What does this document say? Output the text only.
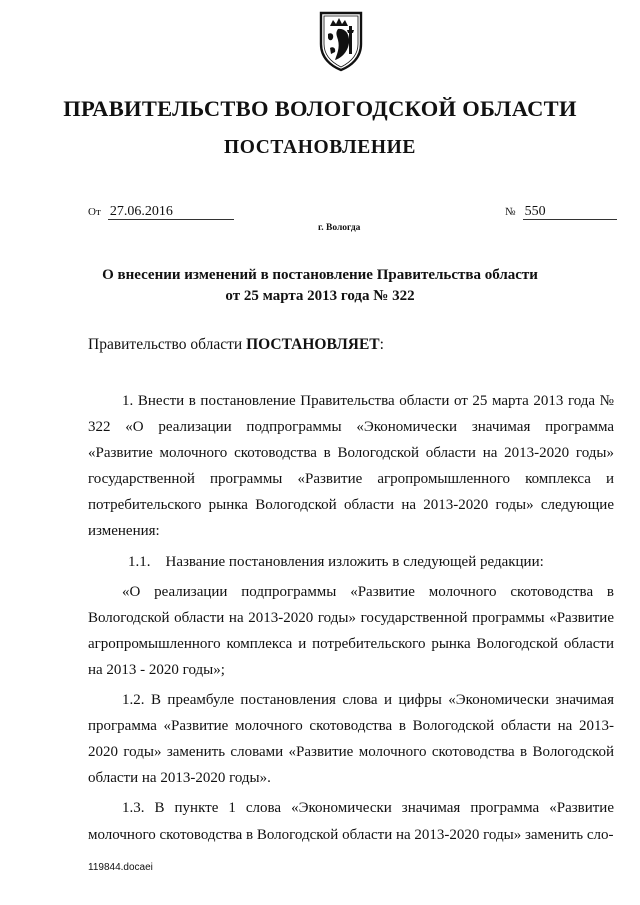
ПРАВИТЕЛЬСТВО ВОЛОГОДСКОЙ ОБЛАСТИ
ПОСТАНОВЛЕНИЕ
От 27.06.2016	№ 550
г. Вологда
О внесении изменений в постановление Правительства области
от 25 марта 2013 года № 322
Правительство области ПОСТАНОВЛЯЕТ:

1. Внести в постановление Правительства области от 25 марта 2013 года № 322 «О реализации подпрограммы «Экономически значимая программа «Развитие молочного скотоводства в Вологодской области на 2013-2020 годы» государственной программы «Развитие агропромышленного комплекса и потребительского рынка Вологодской области на 2013-2020 годы» следующие изменения:

1.1.    Название постановления изложить в следующей редакции:

«О реализации подпрограммы «Развитие молочного скотоводства в Вологодской области на 2013-2020 годы» государственной программы «Развитие агропромышленного комплекса и потребительского рынка Вологодской области на 2013 - 2020 годы»;

1.2. В преамбуле постановления слова и цифры «Экономически значимая программа «Развитие молочного скотоводства в Вологодской области на 2013-2020 годы» заменить словами «Развитие молочного скотоводства в Вологодской области на 2013-2020 годы».

1.3. В пункте 1 слова «Экономически значимая программа «Развитие молочного скотоводства в Вологодской области на 2013-2020 годы» заменить сло-

119844.docaei
